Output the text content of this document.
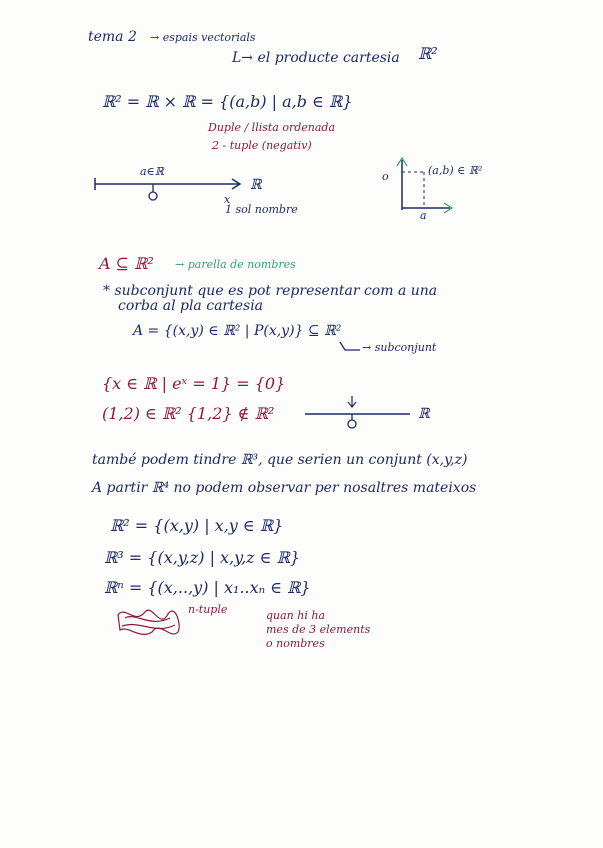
tema 2 → espais vectorials
L→ el producte cartesia ℝ²
ℝ² = ℝ × ℝ = {(a,b) | a,b ∈ ℝ}
Duple / llista ordenada
2 - tuple (negativ)
a∈ℝ
ℝ
x
1 sol nombre
o	(a,b) ∈ ℝ²
a
A ⊆ ℝ² → parella de nombres
* subconjunt que es pot representar com a una
corba al pla cartesia
A = {(x,y) ∈ ℝ² | P(x,y)} ⊆ ℝ²
→ subconjunt
{x ∈ ℝ | eˣ = 1} = {0}
(1,2) ∈ ℝ² {1,2} ∉ ℝ²	ℝ
també podem tindre ℝ³, que serien un conjunt (x,y,z)
A partir ℝ⁴ no podem observar per nosaltres mateixos
ℝ² = {(x,y) | x,y ∈ ℝ}
ℝ³ = {(x,y,z) | x,y,z ∈ ℝ}
ℝⁿ = {(x,..,y) | x₁..xₙ ∈ ℝ}
n-tuple	quan hi ha
mes de 3 elements
o nombres
